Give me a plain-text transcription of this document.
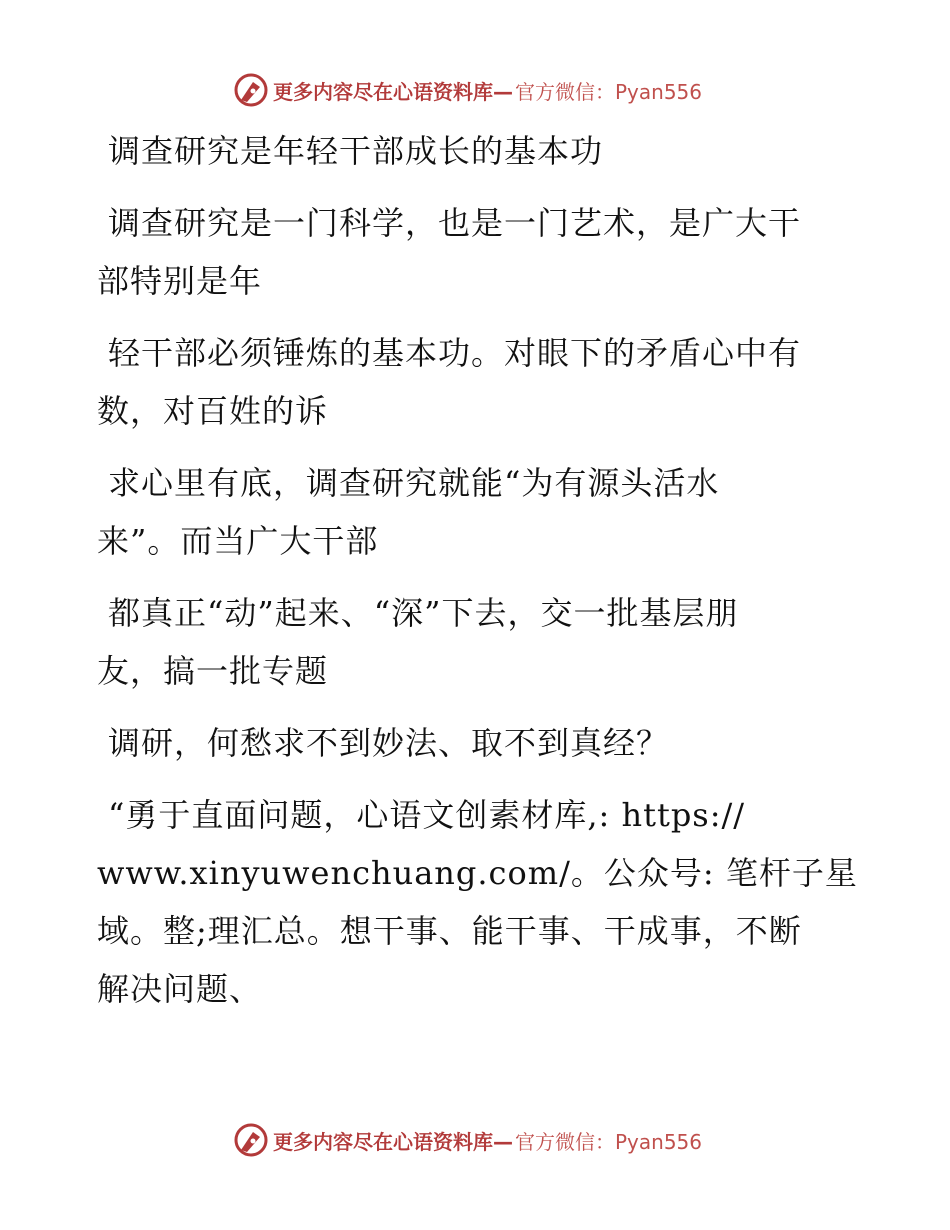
更多内容尽在心语资料库— 官方微信：Pyan556
调查研究是年轻干部成长的基本功
调查研究是一门科学，也是一门艺术，是广大干
部特别是年
轻干部必须锤炼的基本功。对眼下的矛盾心中有
数，对百姓的诉
求心里有底，调查研究就能“为有源头活水
来”。而当广大干部
都真正“动”起来、“深”下去，交一批基层朋
友，搞一批专题
调研，何愁求不到妙法、取不到真经？
“勇于直面问题，心语文创素材库,: https://
www.xinyuwenchuang.com/。公众号: 笔杆子星
域。整;理汇总。想干事、能干事、干成事，不断
解决问题、
更多内容尽在心语资料库— 官方微信：Pyan556
